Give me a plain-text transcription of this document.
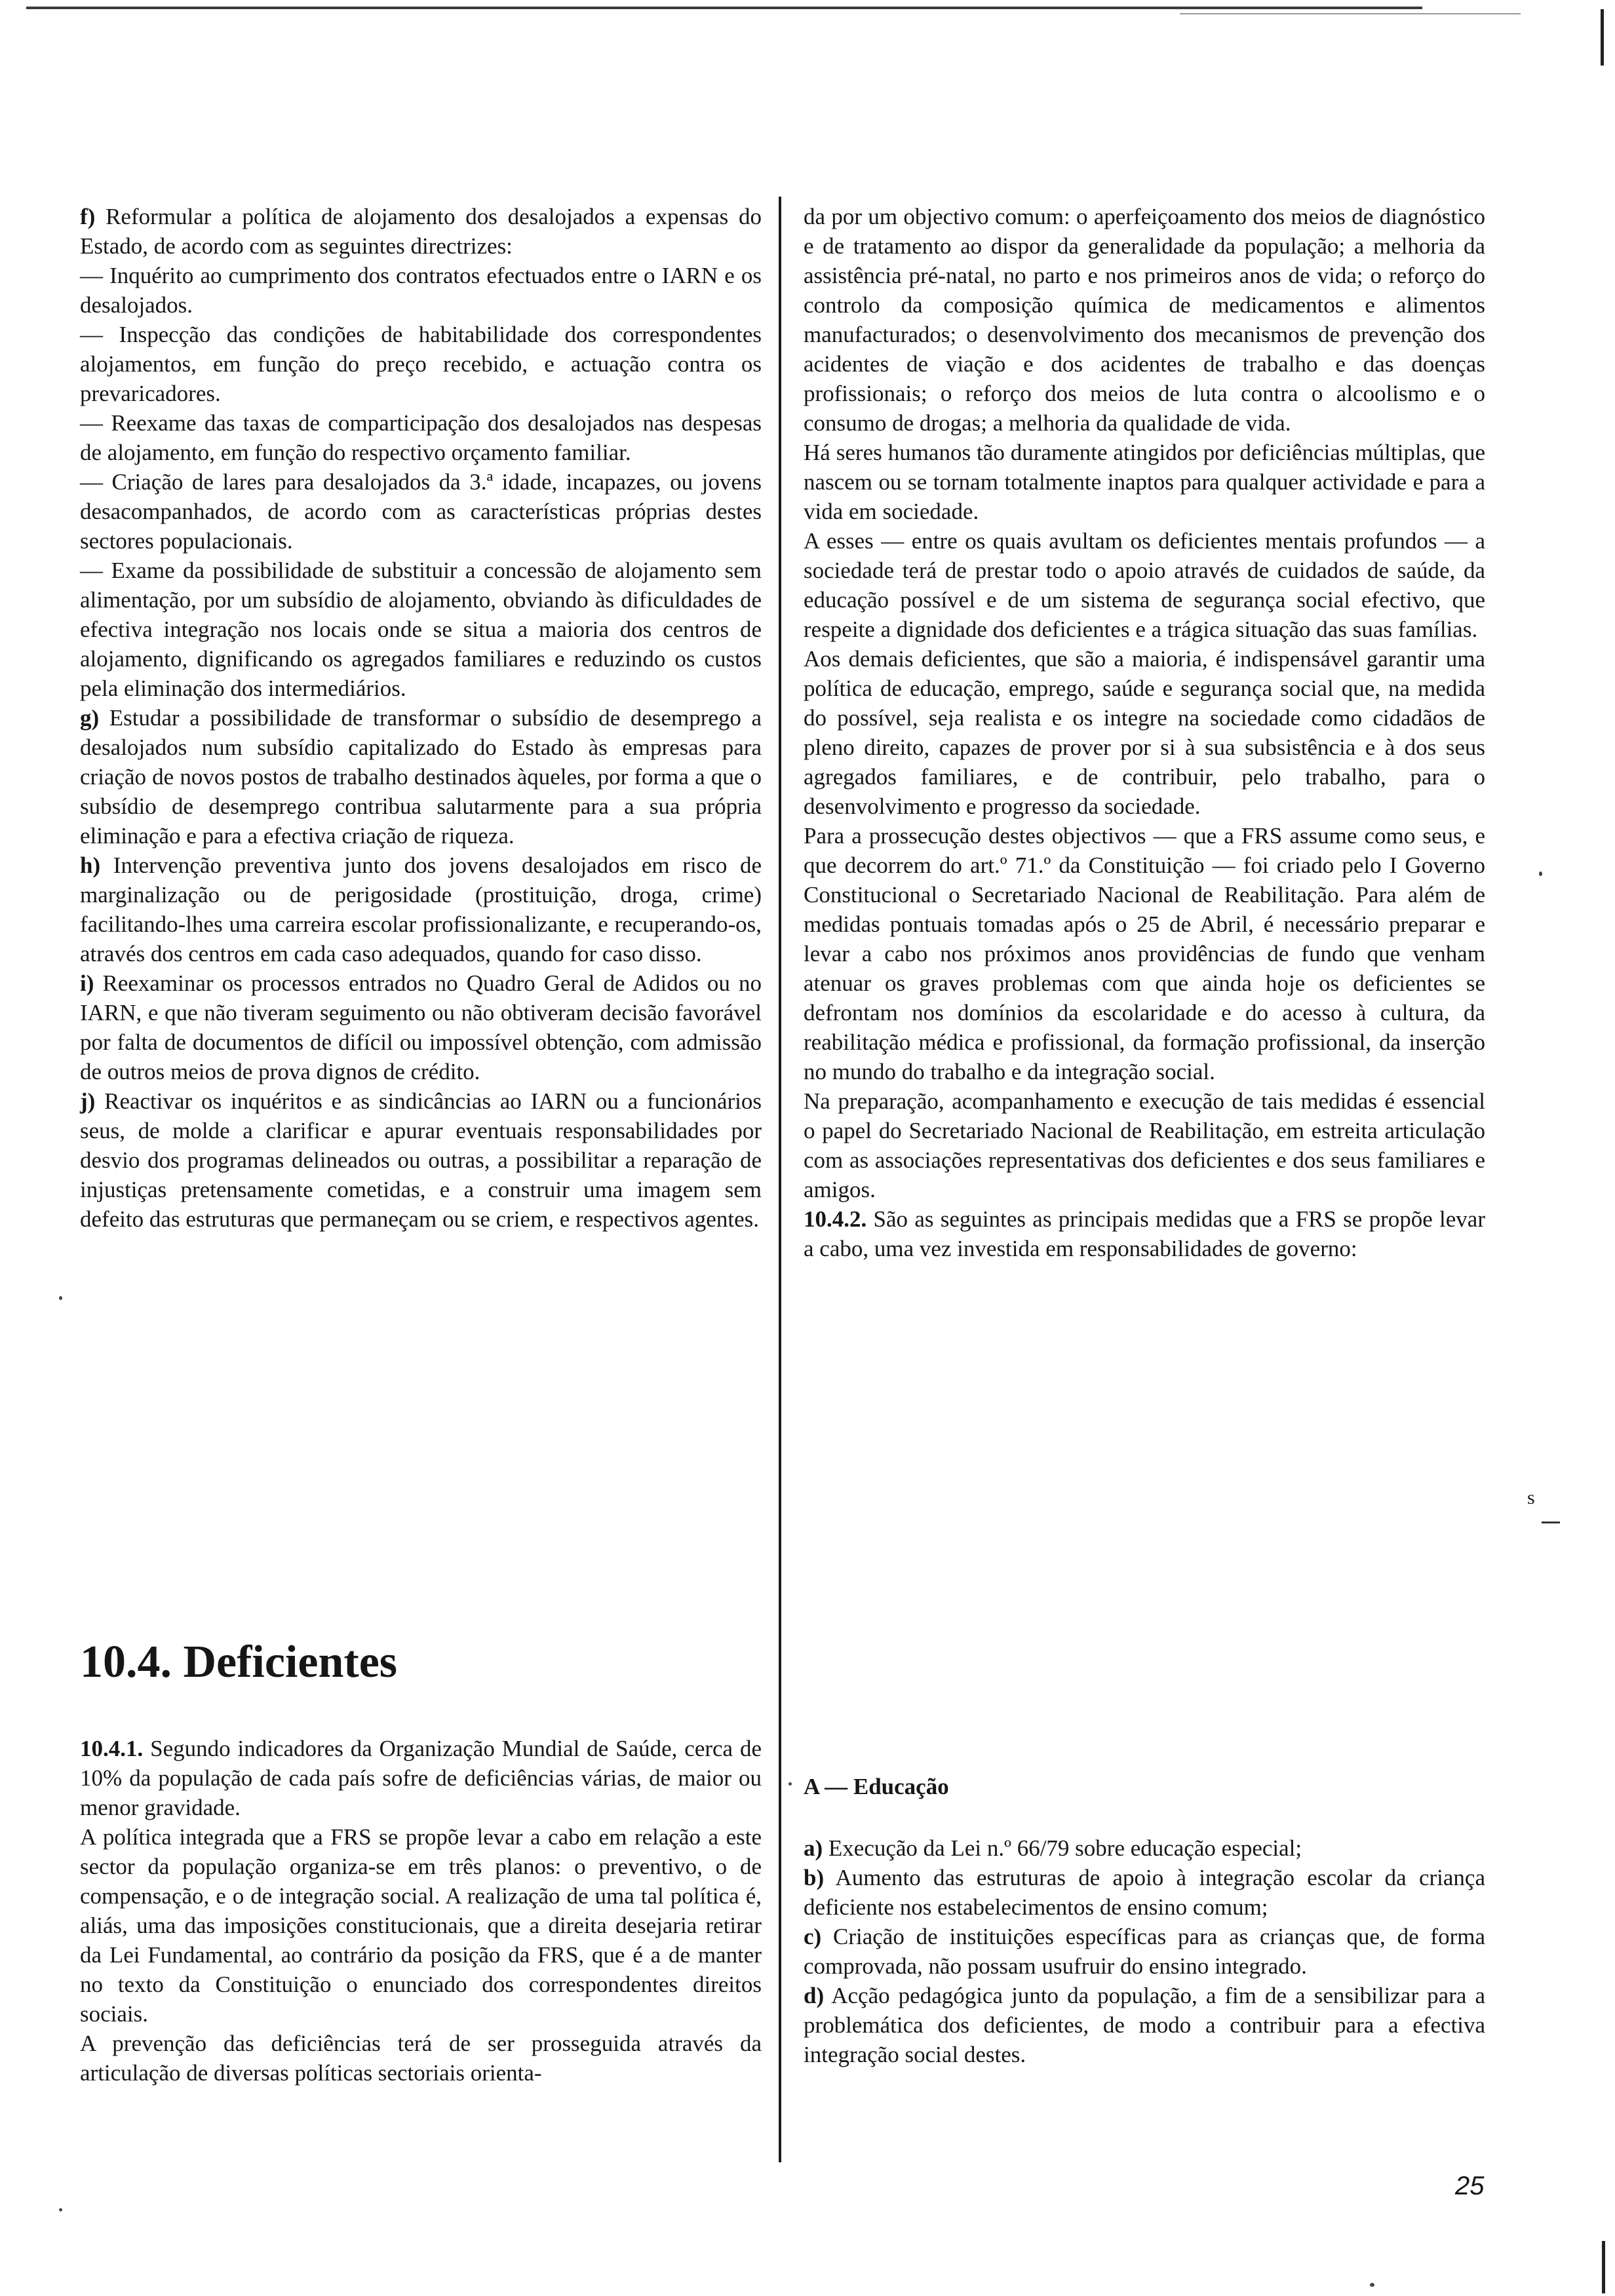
f) Reformular a política de alojamento dos desalojados a expensas do Estado, de acordo com as seguintes directrizes:

— Inquérito ao cumprimento dos contratos efectuados entre o IARN e os desalojados.

— Inspecção das condições de habitabilidade dos correspondentes alojamentos, em função do preço recebido, e actuação contra os prevaricadores.

— Reexame das taxas de comparticipação dos desalojados nas despesas de alojamento, em função do respectivo orçamento familiar.

— Criação de lares para desalojados da 3.ª idade, incapazes, ou jovens desacompanhados, de acordo com as características próprias destes sectores populacionais.

— Exame da possibilidade de substituir a concessão de alojamento sem alimentação, por um subsídio de alojamento, obviando às dificuldades de efectiva integração nos locais onde se situa a maioria dos centros de alojamento, dignificando os agregados familiares e reduzindo os custos pela eliminação dos intermediários.

g) Estudar a possibilidade de transformar o subsídio de desemprego a desalojados num subsídio capitalizado do Estado às empresas para criação de novos postos de trabalho destinados àqueles, por forma a que o subsídio de desemprego contribua salutarmente para a sua própria eliminação e para a efectiva criação de riqueza.

h) Intervenção preventiva junto dos jovens desalojados em risco de marginalização ou de perigosidade (prostituição, droga, crime) facilitando-lhes uma carreira escolar profissionalizante, e recuperando-os, através dos centros em cada caso adequados, quando for caso disso.

i) Reexaminar os processos entrados no Quadro Geral de Adidos ou no IARN, e que não tiveram seguimento ou não obtiveram decisão favorável por falta de documentos de difícil ou impossível obtenção, com admissão de outros meios de prova dignos de crédito.

j) Reactivar os inquéritos e as sindicâncias ao IARN ou a funcionários seus, de molde a clarificar e apurar eventuais responsabilidades por desvio dos programas delineados ou outras, a possibilitar a reparação de injustiças pretensamente cometidas, e a construir uma imagem sem defeito das estruturas que permaneçam ou se criem, e respectivos agentes.

10.4. Deficientes

10.4.1. Segundo indicadores da Organização Mundial de Saúde, cerca de 10% da população de cada país sofre de deficiências várias, de maior ou menor gravidade.

A política integrada que a FRS se propõe levar a cabo em relação a este sector da população organiza-se em três planos: o preventivo, o de compensação, e o de integração social. A realização de uma tal política é, aliás, uma das imposições constitucionais, que a direita desejaria retirar da Lei Fundamental, ao contrário da posição da FRS, que é a de manter no texto da Constituição o enunciado dos correspondentes direitos sociais.

A prevenção das deficiências terá de ser prosseguida através da articulação de diversas políticas sectoriais orienta-

da por um objectivo comum: o aperfeiçoamento dos meios de diagnóstico e de tratamento ao dispor da generalidade da população; a melhoria da assistência pré-natal, no parto e nos primeiros anos de vida; o reforço do controlo da composição química de medicamentos e alimentos manufacturados; o desenvolvimento dos mecanismos de prevenção dos acidentes de viação e dos acidentes de trabalho e das doenças profissionais; o reforço dos meios de luta contra o alcoolismo e o consumo de drogas; a melhoria da qualidade de vida.

Há seres humanos tão duramente atingidos por deficiências múltiplas, que nascem ou se tornam totalmente inaptos para qualquer actividade e para a vida em sociedade.

A esses — entre os quais avultam os deficientes mentais profundos — a sociedade terá de prestar todo o apoio através de cuidados de saúde, da educação possível e de um sistema de segurança social efectivo, que respeite a dignidade dos deficientes e a trágica situação das suas famílias.

Aos demais deficientes, que são a maioria, é indispensável garantir uma política de educação, emprego, saúde e segurança social que, na medida do possível, seja realista e os integre na sociedade como cidadãos de pleno direito, capazes de prover por si à sua subsistência e à dos seus agregados familiares, e de contribuir, pelo trabalho, para o desenvolvimento e progresso da sociedade.

Para a prossecução destes objectivos — que a FRS assume como seus, e que decorrem do art.º 71.º da Constituição — foi criado pelo I Governo Constitucional o Secretariado Nacional de Reabilitação. Para além de medidas pontuais tomadas após o 25 de Abril, é necessário preparar e levar a cabo nos próximos anos providências de fundo que venham atenuar os graves problemas com que ainda hoje os deficientes se defrontam nos domínios da escolaridade e do acesso à cultura, da reabilitação médica e profissional, da formação profissional, da inserção no mundo do trabalho e da integração social.

Na preparação, acompanhamento e execução de tais medidas é essencial o papel do Secretariado Nacional de Reabilitação, em estreita articulação com as associações representativas dos deficientes e dos seus familiares e amigos.

10.4.2. São as seguintes as principais medidas que a FRS se propõe levar a cabo, uma vez investida em responsabilidades de governo:

A — Educação

a) Execução da Lei n.º 66/79 sobre educação especial;

b) Aumento das estruturas de apoio à integração escolar da criança deficiente nos estabelecimentos de ensino comum;

c) Criação de instituições específicas para as crianças que, de forma comprovada, não possam usufruir do ensino integrado.

d) Acção pedagógica junto da população, a fim de a sensibilizar para a problemática dos deficientes, de modo a contribuir para a efectiva integração social destes.

25
s
